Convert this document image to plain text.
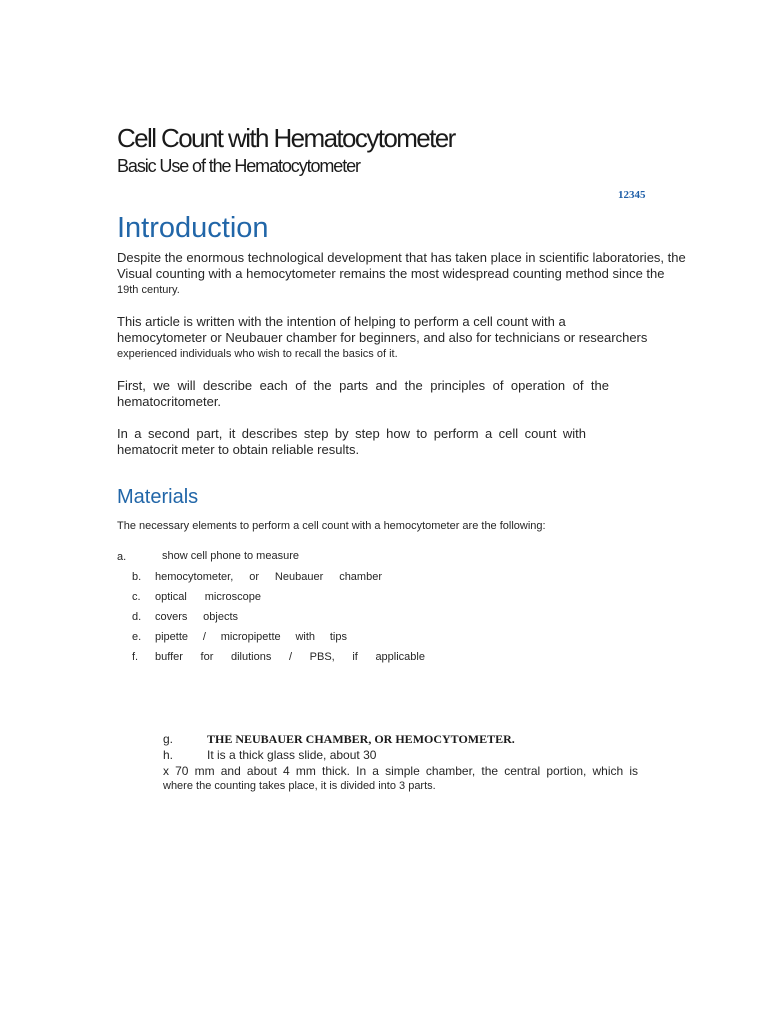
Cell Count with Hematocytometer
Basic Use of the Hematocytometer
12345
Introduction
Despite the enormous technological development that has taken place in scientific laboratories, the
Visual counting with a hemocytometer remains the most widespread counting method since the
19th century.
This article is written with the intention of helping to perform a cell count with a
hemocytometer or Neubauer chamber for beginners, and also for technicians or researchers
experienced individuals who wish to recall the basics of it.
First, we will describe each of the parts and the principles of operation of the
hematocritometer.
In a second part, it describes step by step how to perform a cell count with
hematocrit meter to obtain reliable results.
Materials
The necessary elements to perform a cell count with a hemocytometer are the following:
a.	show cell phone to measure
b. hemocytometer, or Neubauer chamber
c. optical microscope
d. covers objects
e. pipette / micropipette with tips
f. buffer for dilutions / PBS, if applicable
g.	THE NEUBAUER CHAMBER, OR HEMOCYTOMETER.
h.	It is a thick glass slide, about 30
x 70 mm and about 4 mm thick. In a simple chamber, the central portion, which is
where the counting takes place, it is divided into 3 parts.
